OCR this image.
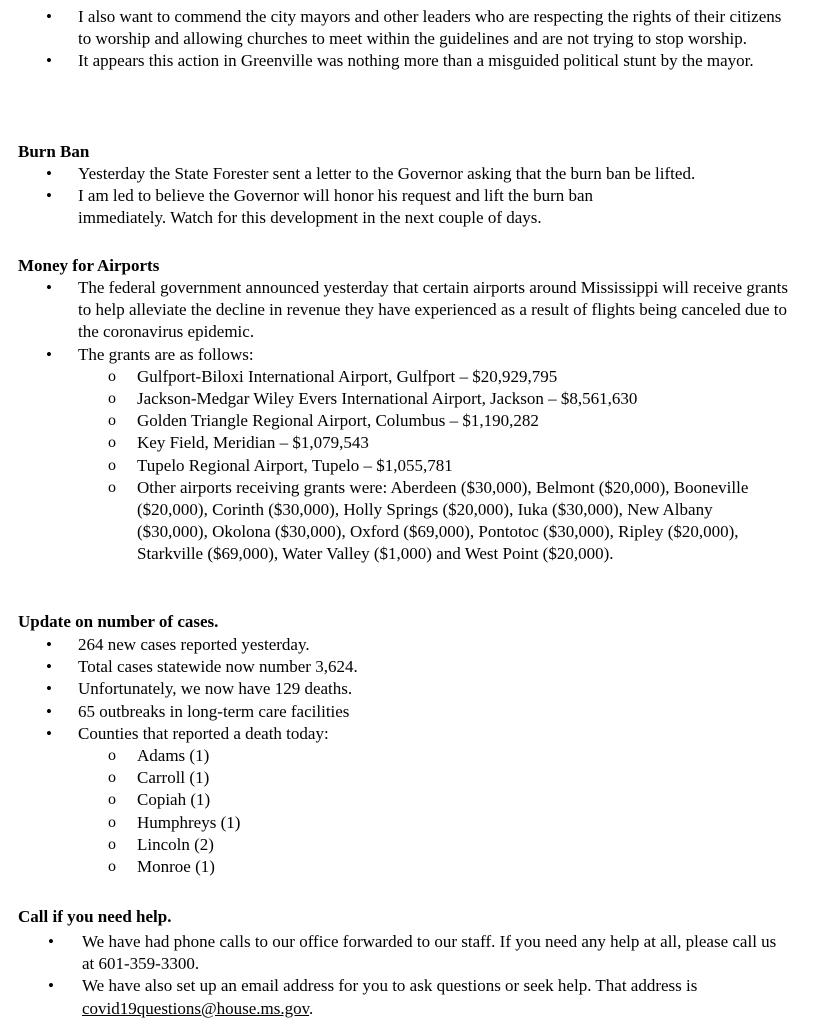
• I also want to commend the city mayors and other leaders who are respecting the rights of their citizens to worship and allowing churches to meet within the guidelines and are not trying to stop worship.
• It appears this action in Greenville was nothing more than a misguided political stunt by the mayor.
Burn Ban
• Yesterday the State Forester sent a letter to the Governor asking that the burn ban be lifted.
• I am led to believe the Governor will honor his request and lift the burn ban immediately. Watch for this development in the next couple of days.
Money for Airports
• The federal government announced yesterday that certain airports around Mississippi will receive grants to help alleviate the decline in revenue they have experienced as a result of flights being canceled due to the coronavirus epidemic.
• The grants are as follows:
o Gulfport-Biloxi International Airport, Gulfport – $20,929,795
o Jackson-Medgar Wiley Evers International Airport, Jackson – $8,561,630
o Golden Triangle Regional Airport, Columbus – $1,190,282
o Key Field, Meridian – $1,079,543
o Tupelo Regional Airport, Tupelo – $1,055,781
o Other airports receiving grants were: Aberdeen ($30,000), Belmont ($20,000), Booneville ($20,000), Corinth ($30,000), Holly Springs ($20,000), Iuka ($30,000), New Albany ($30,000), Okolona ($30,000), Oxford ($69,000), Pontotoc ($30,000), Ripley ($20,000), Starkville ($69,000), Water Valley ($1,000) and West Point ($20,000).
Update on number of cases.
• 264 new cases reported yesterday.
• Total cases statewide now number 3,624.
• Unfortunately, we now have 129 deaths.
• 65 outbreaks in long-term care facilities
• Counties that reported a death today:
o Adams (1)
o Carroll (1)
o Copiah (1)
o Humphreys (1)
o Lincoln (2)
o Monroe (1)
Call if you need help.
• We have had phone calls to our office forwarded to our staff. If you need any help at all, please call us at 601-359-3300.
• We have also set up an email address for you to ask questions or seek help. That address is covid19questions@house.ms.gov.
